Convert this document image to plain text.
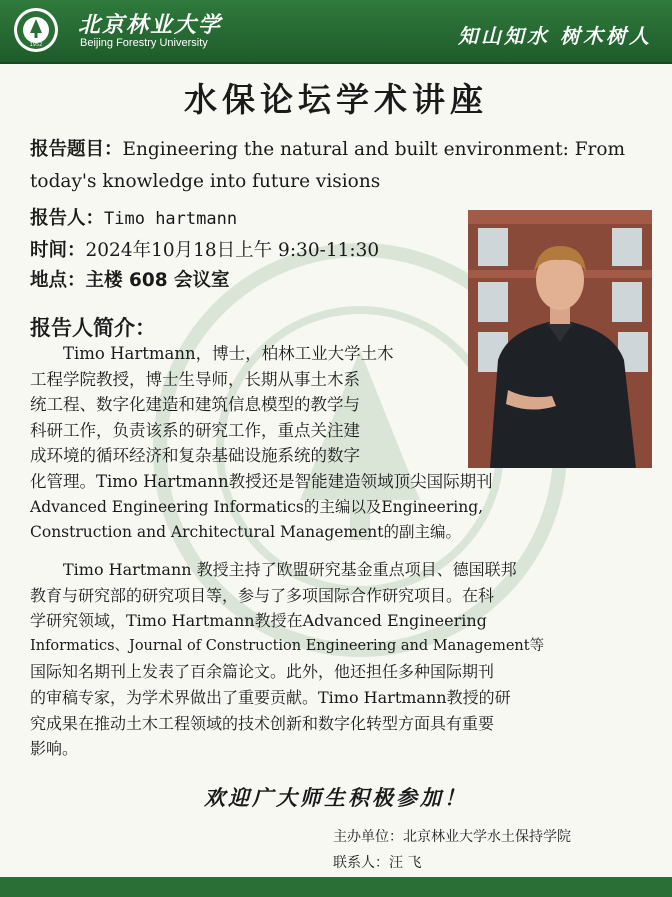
1952
北京林业大学
Beijing Forestry University	知山知水 树木树人
水保论坛学术讲座
报告题目：Engineering the natural and built environment: From
today's knowledge into future visions
报告人：Timo hartmann
时间：2024年10月18日上午 9:30-11:30
地点：主楼 608 会议室
报告人简介：
Timo Hartmann，博士，柏林工业大学土木
工程学院教授，博士生导师，长期从事土木系
统工程、数字化建造和建筑信息模型的教学与
科研工作，负责该系的研究工作，重点关注建
成环境的循环经济和复杂基础设施系统的数字
化管理。Timo Hartmann教授还是智能建造领域顶尖国际期刊
Advanced Engineering Informatics的主编以及Engineering,
Construction and Architectural Management的副主编。
Timo Hartmann 教授主持了欧盟研究基金重点项目、德国联邦
教育与研究部的研究项目等，参与了多项国际合作研究项目。在科
学研究领域，Timo Hartmann教授在Advanced Engineering
Informatics、Journal of Construction Engineering and Management等
国际知名期刊上发表了百余篇论文。此外，他还担任多种国际期刊
的审稿专家，为学术界做出了重要贡献。Timo Hartmann教授的研
究成果在推动土木工程领域的技术创新和数字化转型方面具有重要
影响。
欢迎广大师生积极参加！
主办单位：北京林业大学水土保持学院
联系人：汪 飞
